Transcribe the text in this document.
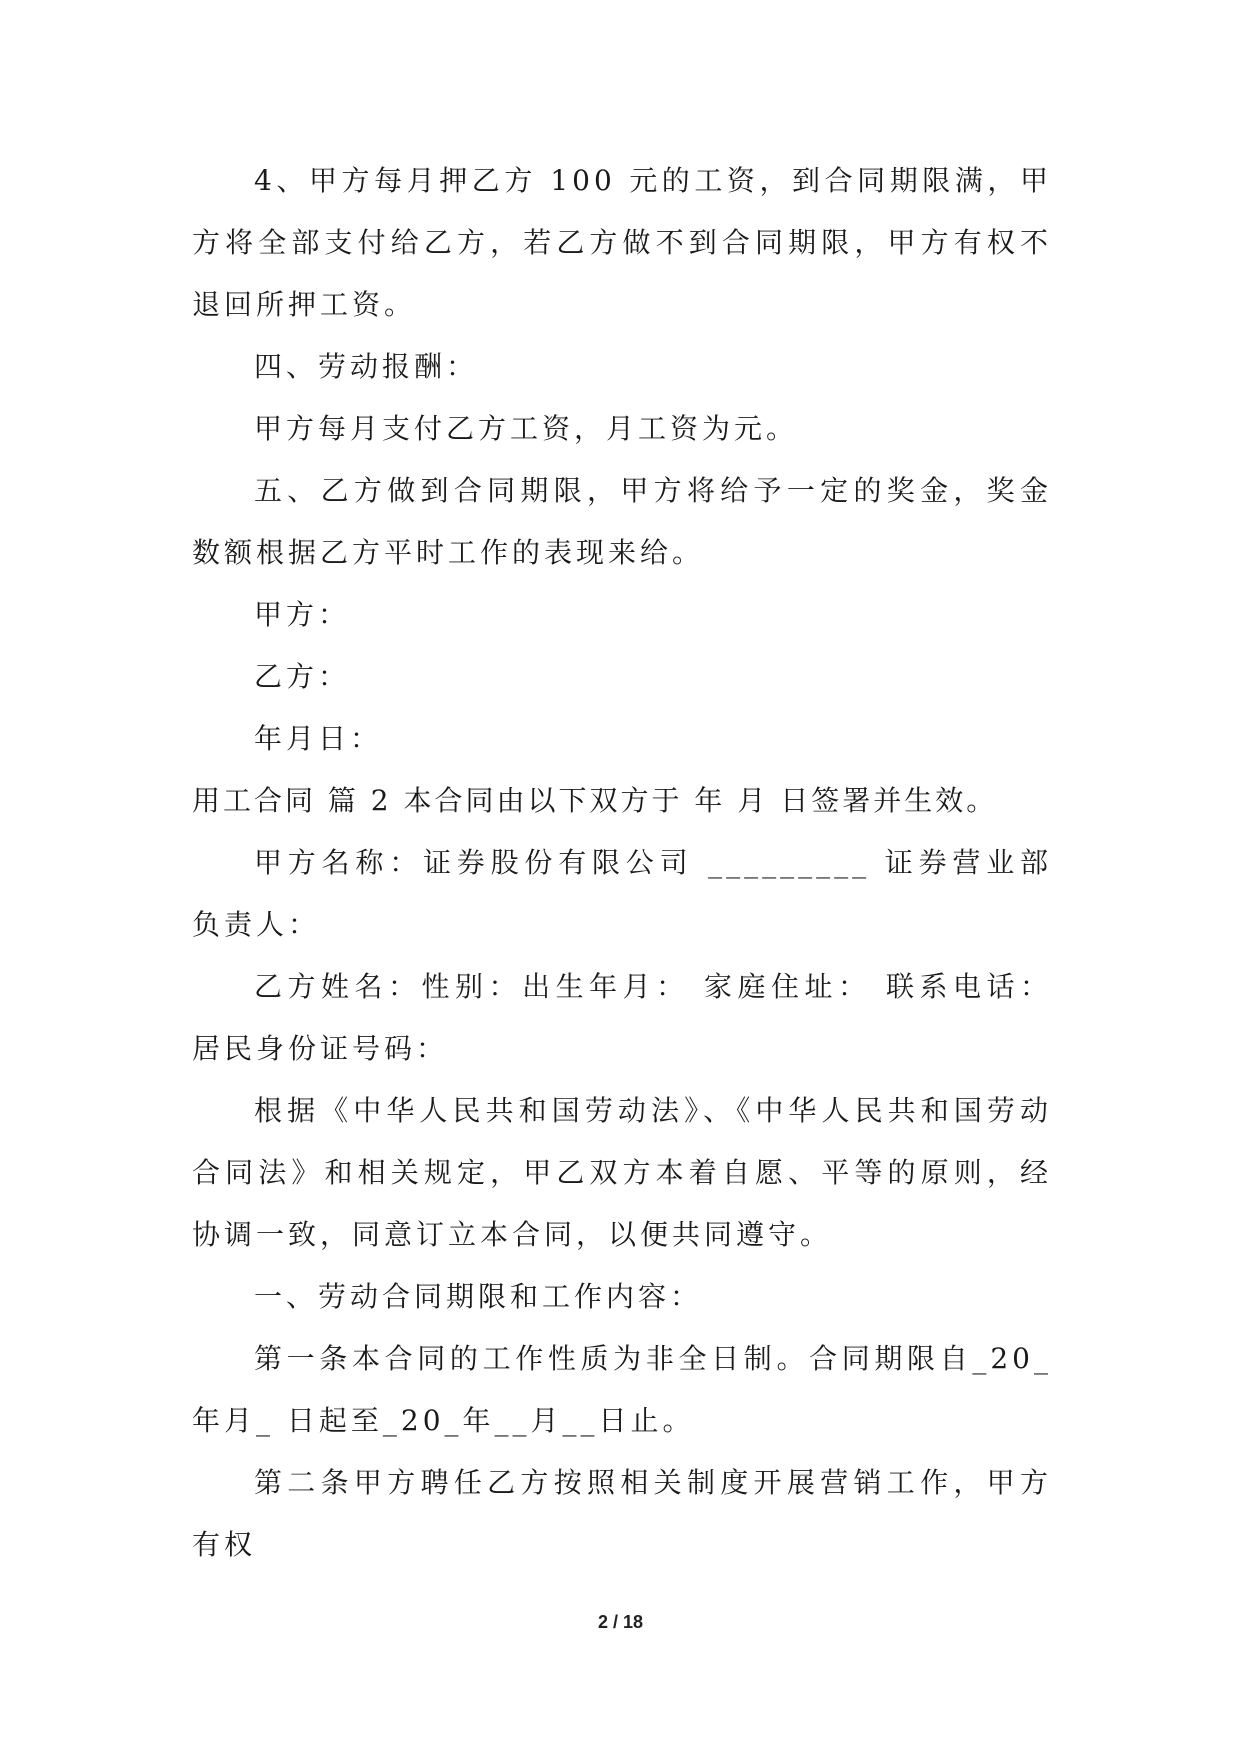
4、甲方每月押乙方 100 元的工资，到合同期限满，甲方将全部支付给乙方，若乙方做不到合同期限，甲方有权不退回所押工资。

四、劳动报酬：

甲方每月支付乙方工资，月工资为元。

五、乙方做到合同期限，甲方将给予一定的奖金，奖金数额根据乙方平时工作的表现来给。

甲方：

乙方：

年月日：

用工合同 篇 2 本合同由以下双方于 年 月 日签署并生效。

甲方名称：证券股份有限公司 _________ 证券营业部 负责人：

乙方姓名：性别：出生年月： 家庭住址： 联系电话： 居民身份证号码：

根据《中华人民共和国劳动法》、《中华人民共和国劳动合同法》和相关规定，甲乙双方本着自愿、平等的原则，经协调一致，同意订立本合同，以便共同遵守。

一、劳动合同期限和工作内容：

第一条本合同的工作性质为非全日制。合同期限自_20_年月_ 日起至_20_年__月__日止。

第二条甲方聘任乙方按照相关制度开展营销工作，甲方有权

2 / 18
